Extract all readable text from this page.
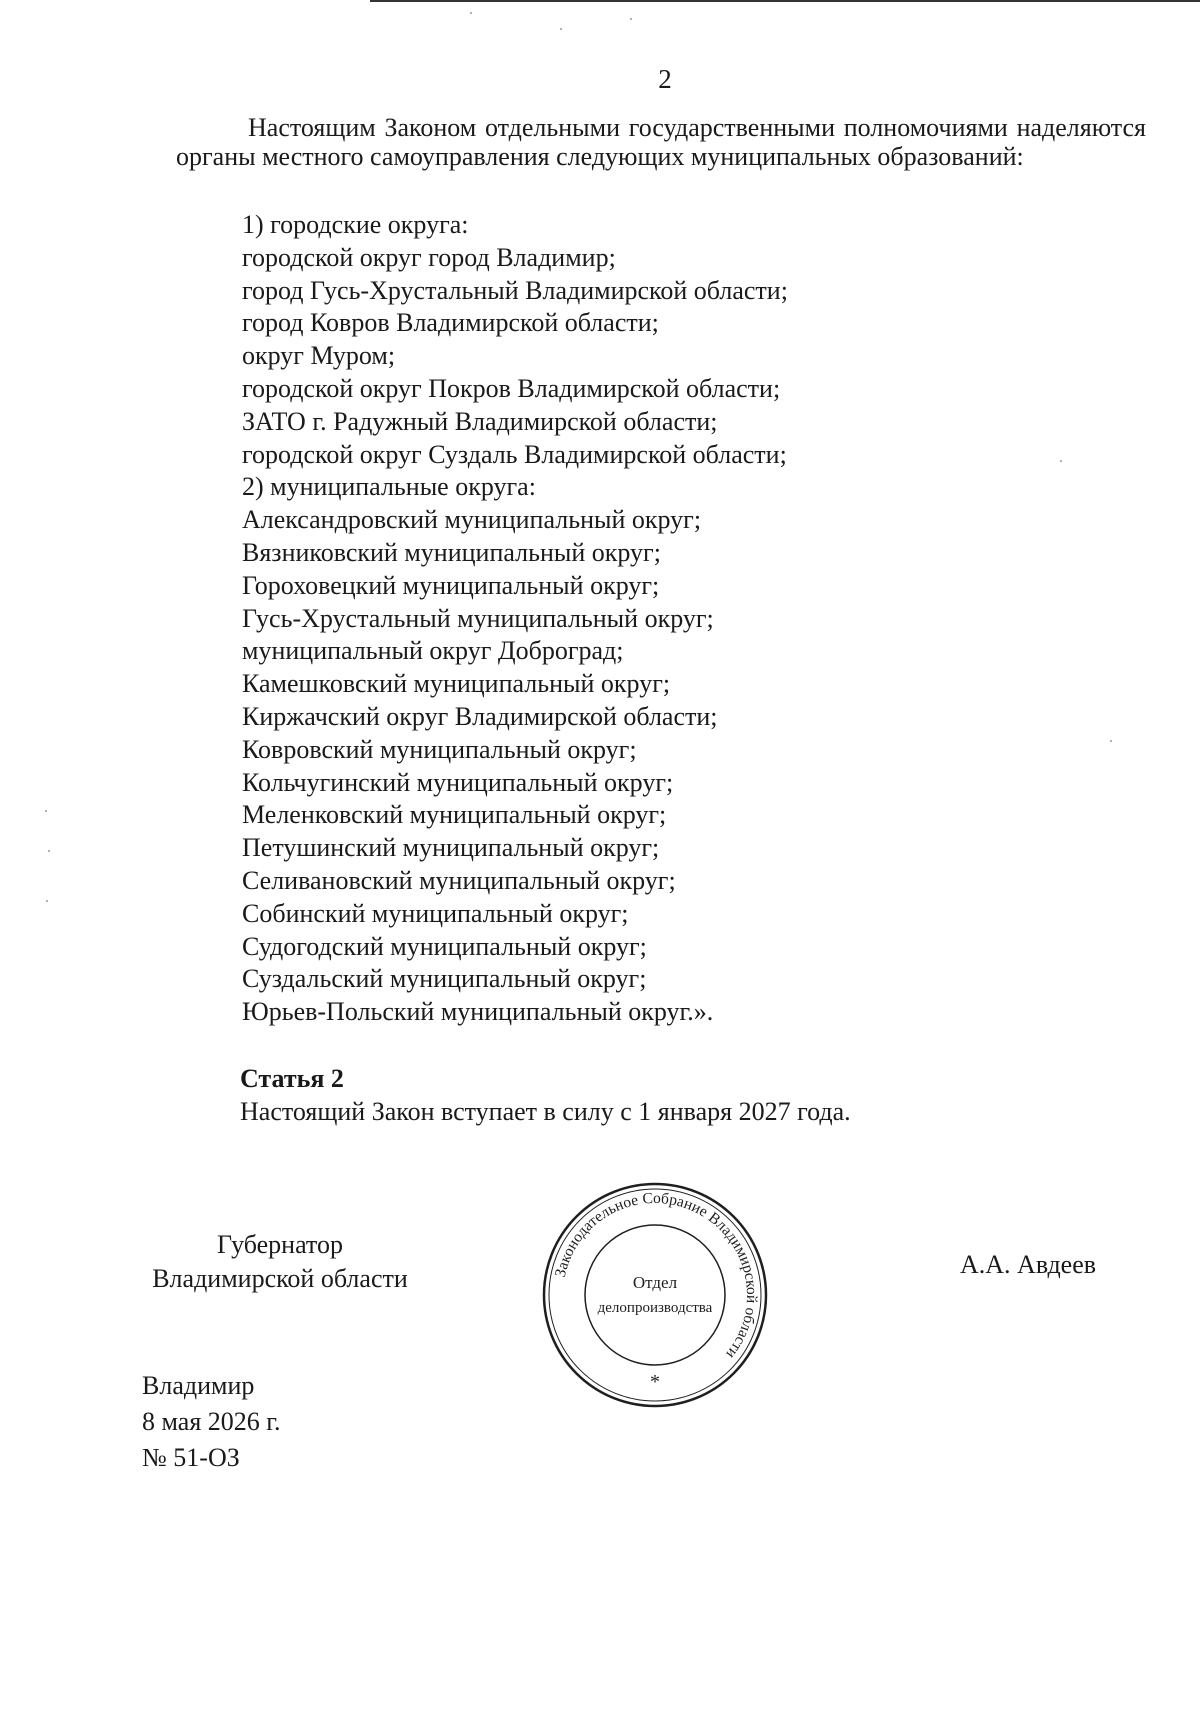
2

Настоящим Законом отдельными государственными полномочиями наделяются органы местного самоуправления следующих муниципальных образований:

1) городские округа:
городской округ город Владимир;
город Гусь-Хрустальный Владимирской области;
город Ковров Владимирской области;
округ Муром;
городской округ Покров Владимирской области;
ЗАТО г. Радужный Владимирской области;
городской округ Суздаль Владимирской области;
2) муниципальные округа:
Александровский муниципальный округ;
Вязниковский муниципальный округ;
Гороховецкий муниципальный округ;
Гусь-Хрустальный муниципальный округ;
муниципальный округ Доброград;
Камешковский муниципальный округ;
Киржачский округ Владимирской области;
Ковровский муниципальный округ;
Кольчугинский муниципальный округ;
Меленковский муниципальный округ;
Петушинский муниципальный округ;
Селивановский муниципальный округ;
Собинский муниципальный округ;
Судогодский муниципальный округ;
Суздальский муниципальный округ;
Юрьев-Польский муниципальный округ.».
Статья 2

Настоящий Закон вступает в силу с 1 января 2027 года.

Губернатор
Владимирской области	Законодательное Собрание Владимирской области
Отдел
делопроизводства
*
А.А. Авдеев
Владимир
8 мая 2026 г.
№ 51-ОЗ
